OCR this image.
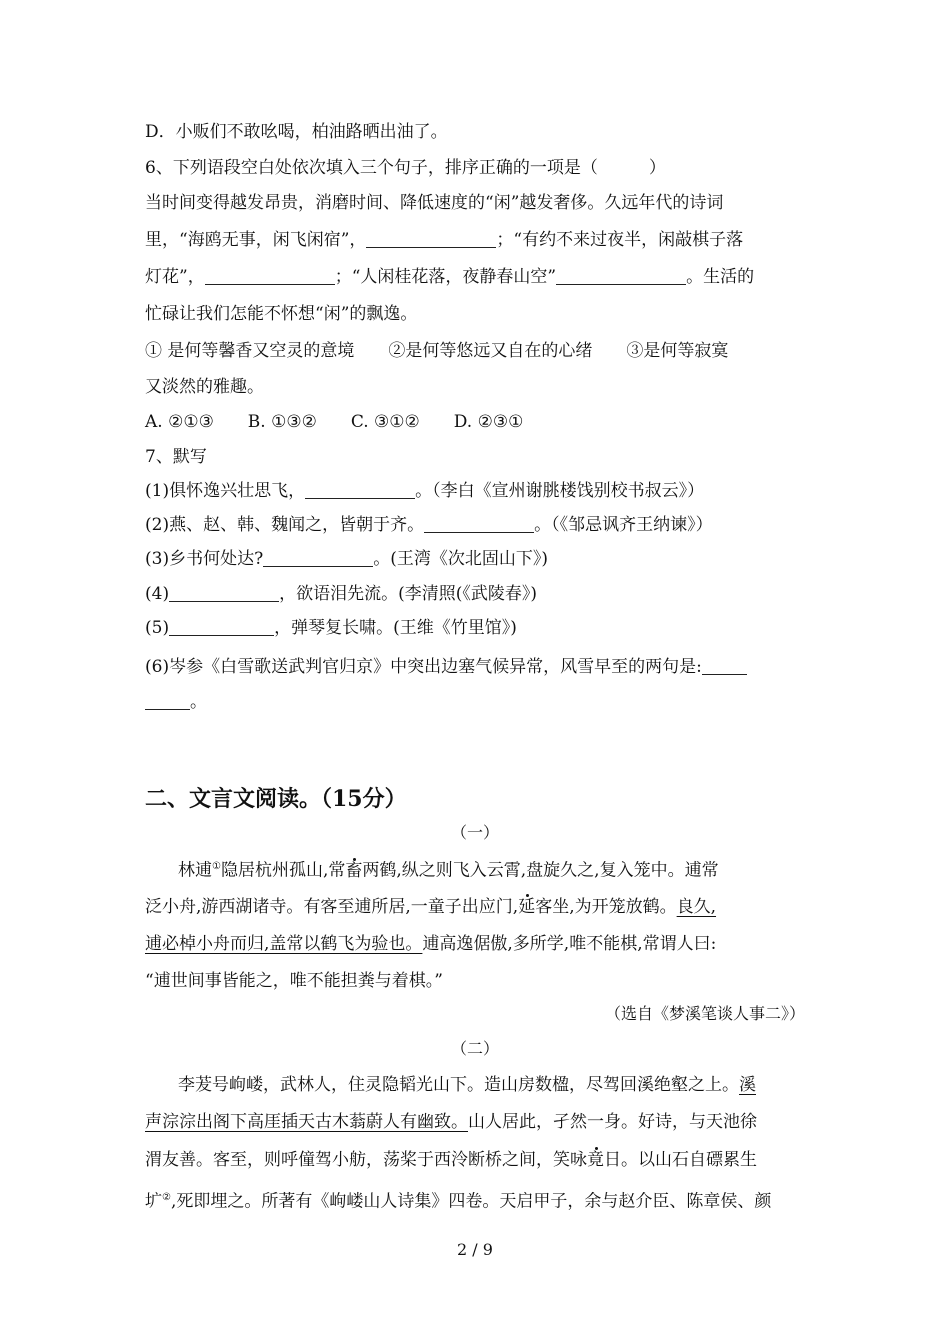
D．小贩们不敢吆喝，柏油路晒出油了。
6、下列语段空白处依次填入三个句子，排序正确的一项是（　　　）
当时间变得越发昂贵，消磨时间、降低速度的“闲”越发奢侈。久远年代的诗词
里，“海鸥无事，闲飞闲宿”，	；“有约不来过夜半，闲敲棋子落
灯花”，	；“人闲桂花落，夜静春山空”	。生活的
忙碌让我们怎能不怀想“闲”的飘逸。
① 是何等馨香又空灵的意境　　②是何等悠远又自在的心绪　　③是何等寂寞
又淡然的雅趣。
A. ②①③　　B. ①③②　　C. ③①②　　D. ②③①
7、默写
(1)俱怀逸兴壮思飞，	。（李白《宣州谢朓楼饯别校书叔云》）
(2)燕、赵、韩、魏闻之，皆朝于齐。	。（《邹忌讽齐王纳谏》）
(3)乡书何处达?	。(王湾《次北固山下》)
(4)	，欲语泪先流。(李清照(《武陵春》)
(5)	，弹琴复长啸。(王维《竹里馆》)
(6)岑参《白雪歌送武判官归京》中突出边塞气候异常，风雪早至的两句是:
。
二、文言文阅读。（15分）
（一）
林逋①隐居杭州孤山,常畜两鹤,纵之则飞入云霄,盘旋久之,复入笼中。逋常
泛小舟,游西湖诸寺。有客至逋所居,一童子出应门,延客坐,为开笼放鹤。良久,
逋必棹小舟而归,盖常以鹤飞为验也。逋高逸倨傲,多所学,唯不能棋,常谓人曰:
“逋世间事皆能之，唯不能担粪与着棋。”
（选自《梦溪笔谈人事二》）
（二）
李茇号岣嵝，武林人，住灵隐韬光山下。造山房数楹，尽驾回溪绝壑之上。溪
声淙淙出阁下高厓插天古木蓊蔚人有幽致。山人居此，孑然一身。好诗，与天池徐
渭友善。客至，则呼僮驾小舫，荡桨于西泠断桥之间，笑咏竟日。以山石自磦累生
圹②,死即埋之。所著有《岣嵝山人诗集》四卷。天启甲子，余与赵介臣、陈章侯、颜
2 / 9
